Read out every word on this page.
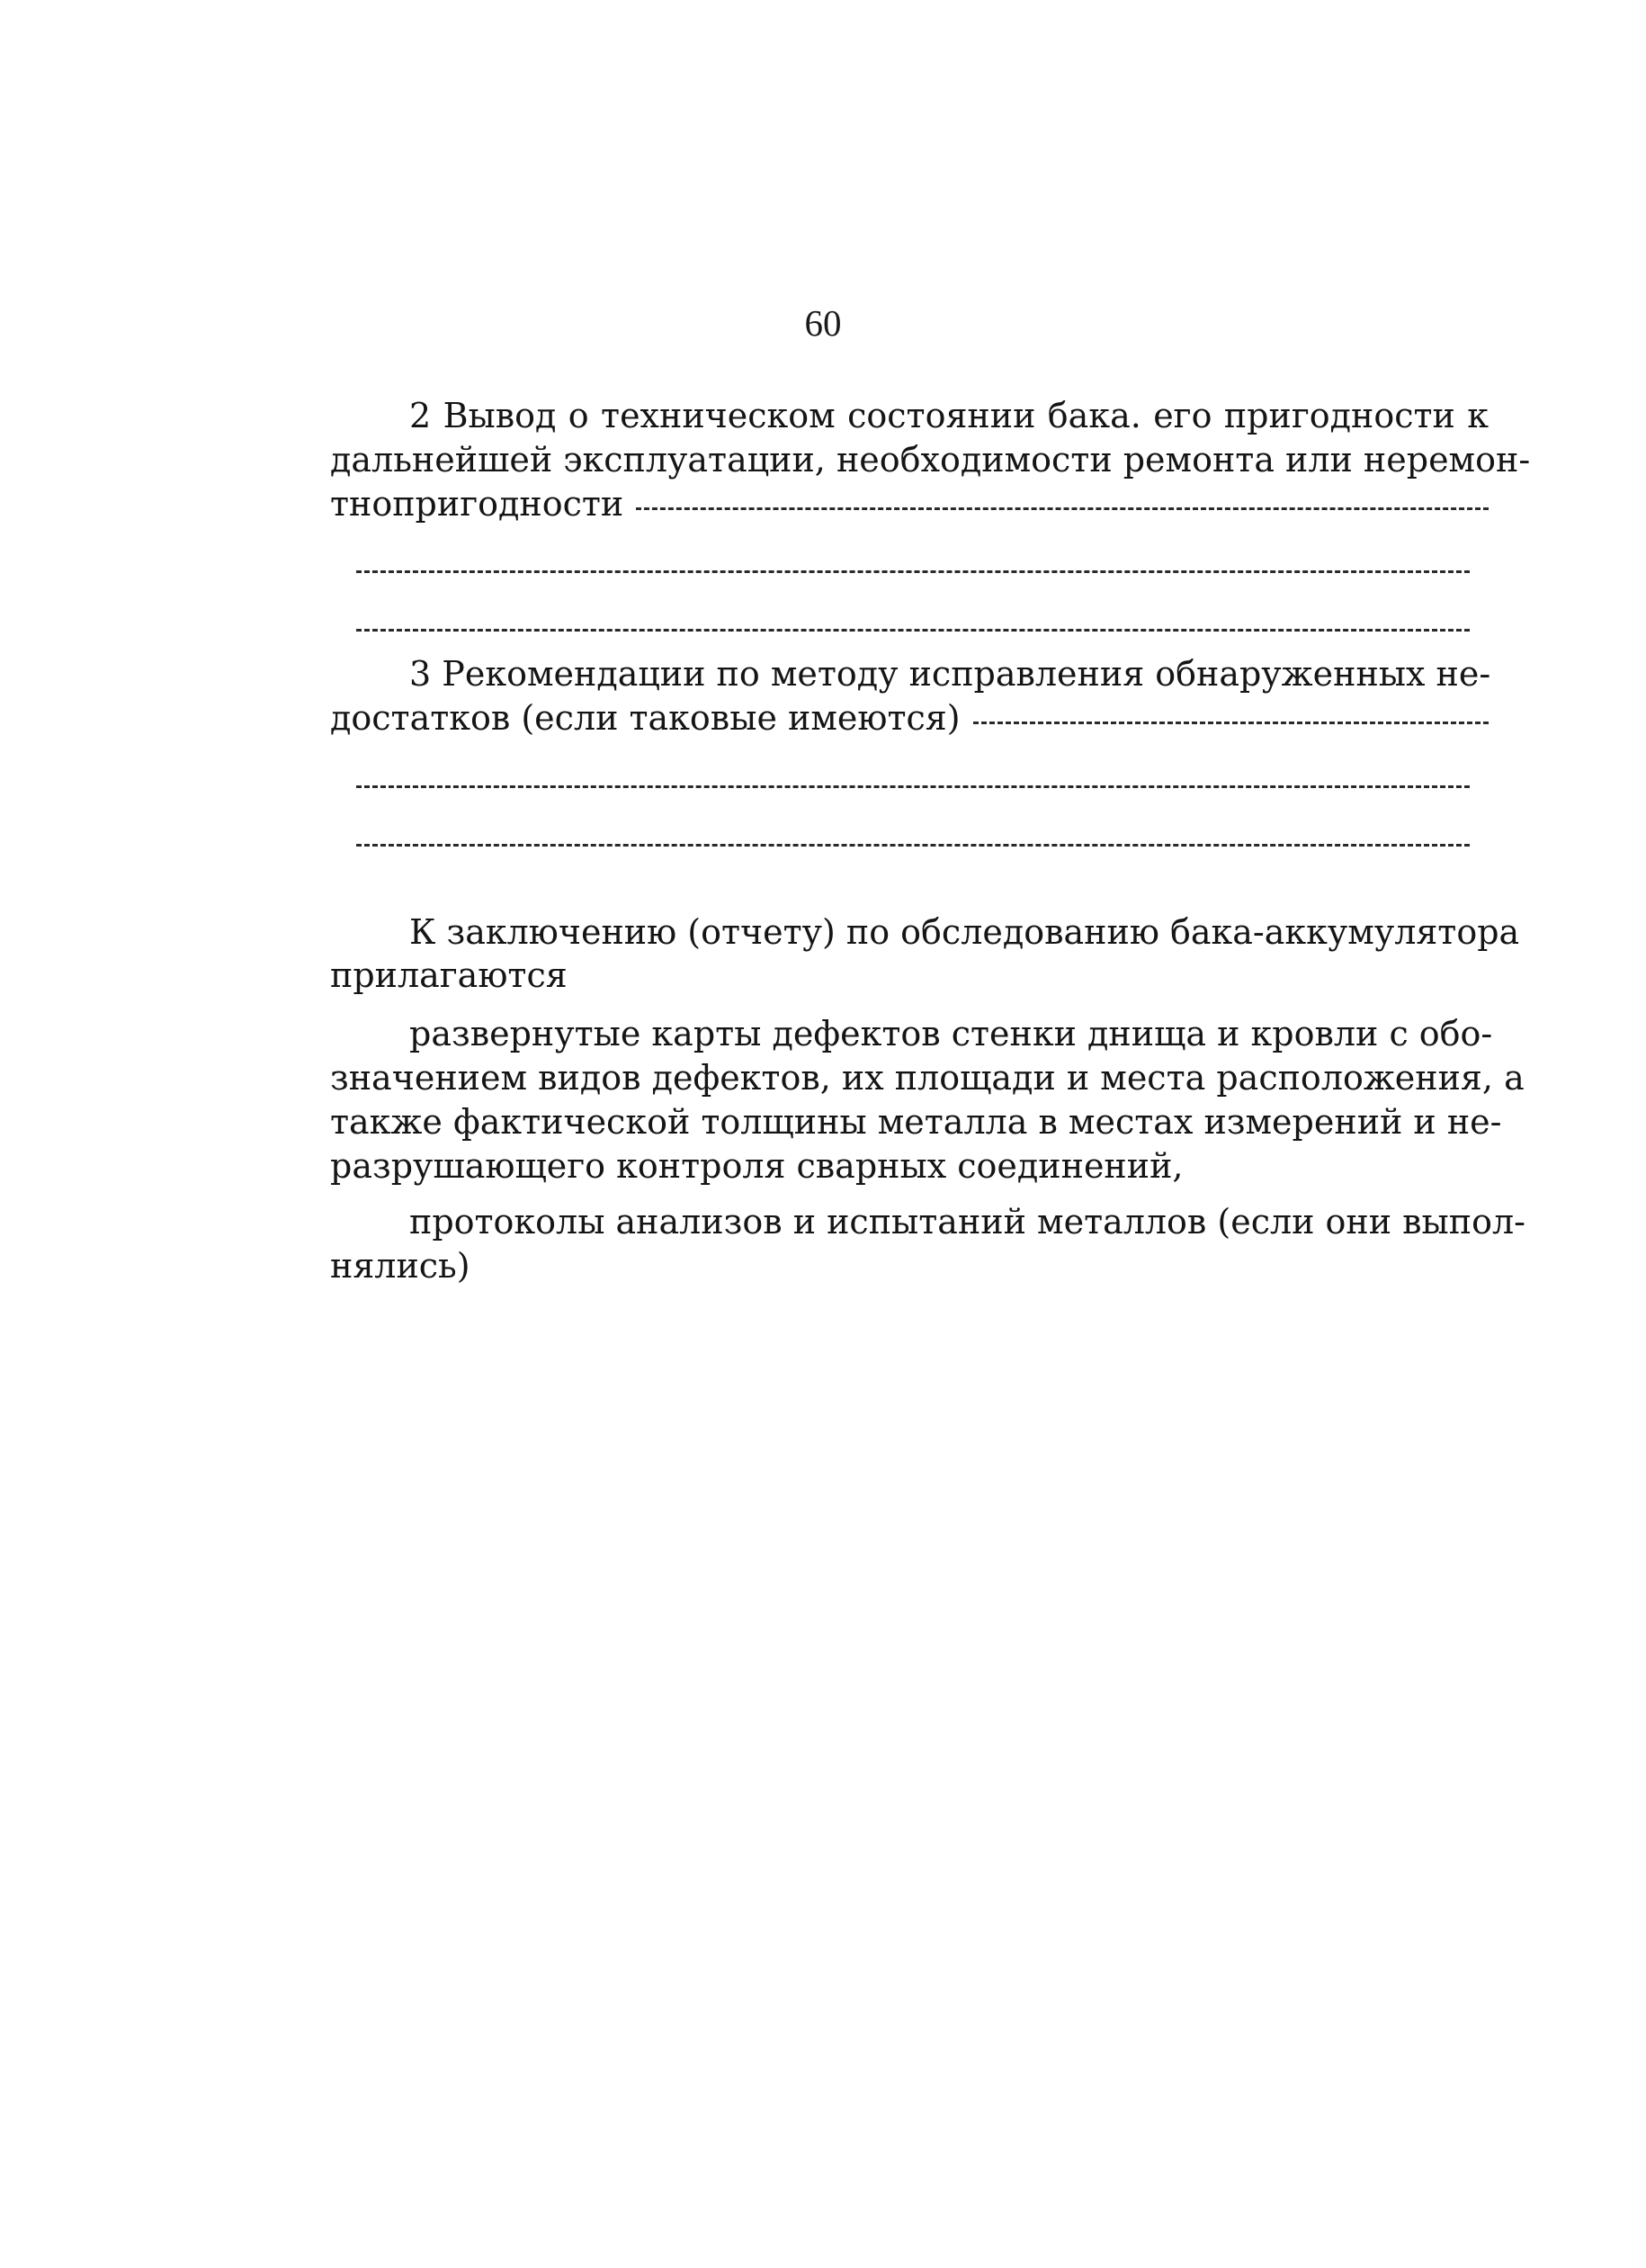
60
2 Вывод о техническом состоянии бака. его пригодности к
дальнейшей эксплуатации, необходимости ремонта или неремон-
тнопригодности
3 Рекомендации по методу исправления обнаруженных не-
достатков (если таковые имеются)
К заключению (отчету) по обследованию бака-аккумулятора
прилагаются
развернутые карты дефектов стенки днища и кровли с обо-
значением видов дефектов, их площади и места расположения, а
также фактической толщины металла в местах измерений и не-
разрушающего контроля сварных соединений,
протоколы анализов и испытаний металлов (если они выпол-
нялись)
